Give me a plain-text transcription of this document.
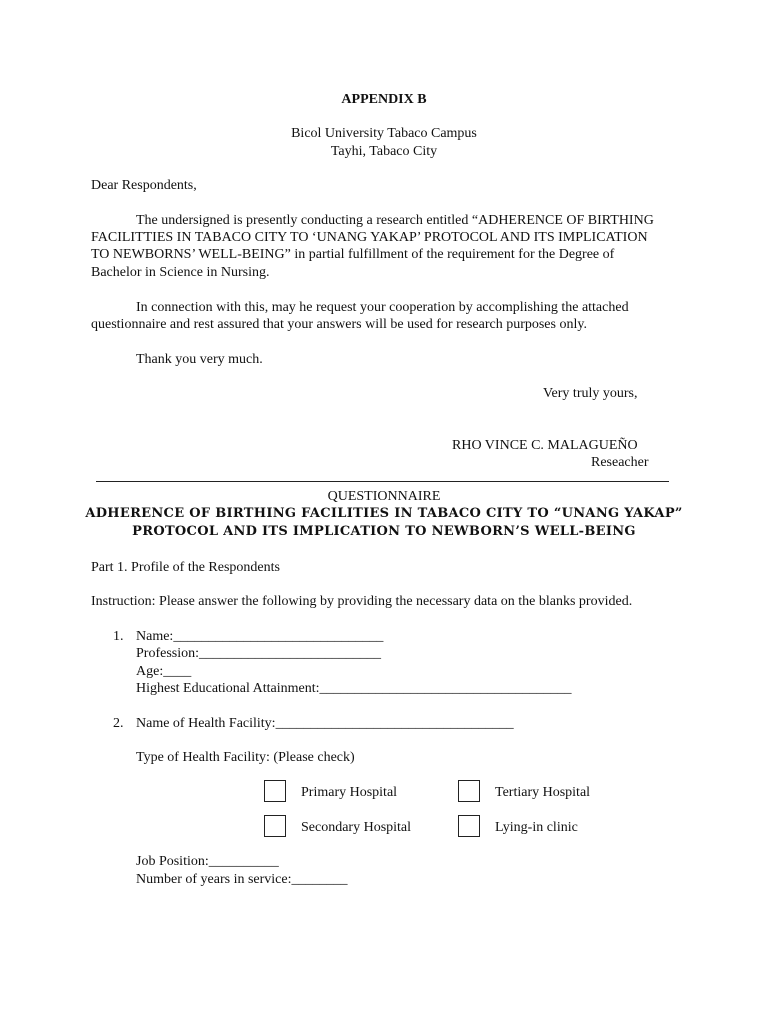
APPENDIX B
Bicol University Tabaco Campus
Tayhi, Tabaco City
Dear Respondents,
The undersigned is presently conducting a research entitled “ADHERENCE OF BIRTHING
FACILITTIES IN TABACO CITY TO ‘UNANG YAKAP’ PROTOCOL AND ITS IMPLICATION
TO NEWBORNS’ WELL-BEING” in partial fulfillment of the requirement for the Degree of
Bachelor in Science in Nursing.
In connection with this, may he request your cooperation by accomplishing the attached
questionnaire and rest assured that your answers will be used for research purposes only.
Thank you very much.
Very truly yours,
RHO VINCE C. MALAGUEÑO
Reseacher
QUESTIONNAIRE
ADHERENCE OF BIRTHING FACILITIES IN TABACO CITY TO “UNANG YAKAP”
PROTOCOL AND ITS IMPLICATION TO NEWBORN’S WELL-BEING
Part 1. Profile of the Respondents
Instruction: Please answer the following by providing the necessary data on the blanks provided.
1. Name:______________________________
Profession:__________________________
Age:____
Highest Educational Attainment:____________________________________
2. Name of Health Facility:__________________________________
Type of Health Facility: (Please check)
Primary Hospital	Tertiary Hospital
Secondary Hospital	Lying-in clinic
Job Position:__________
Number of years in service:________
